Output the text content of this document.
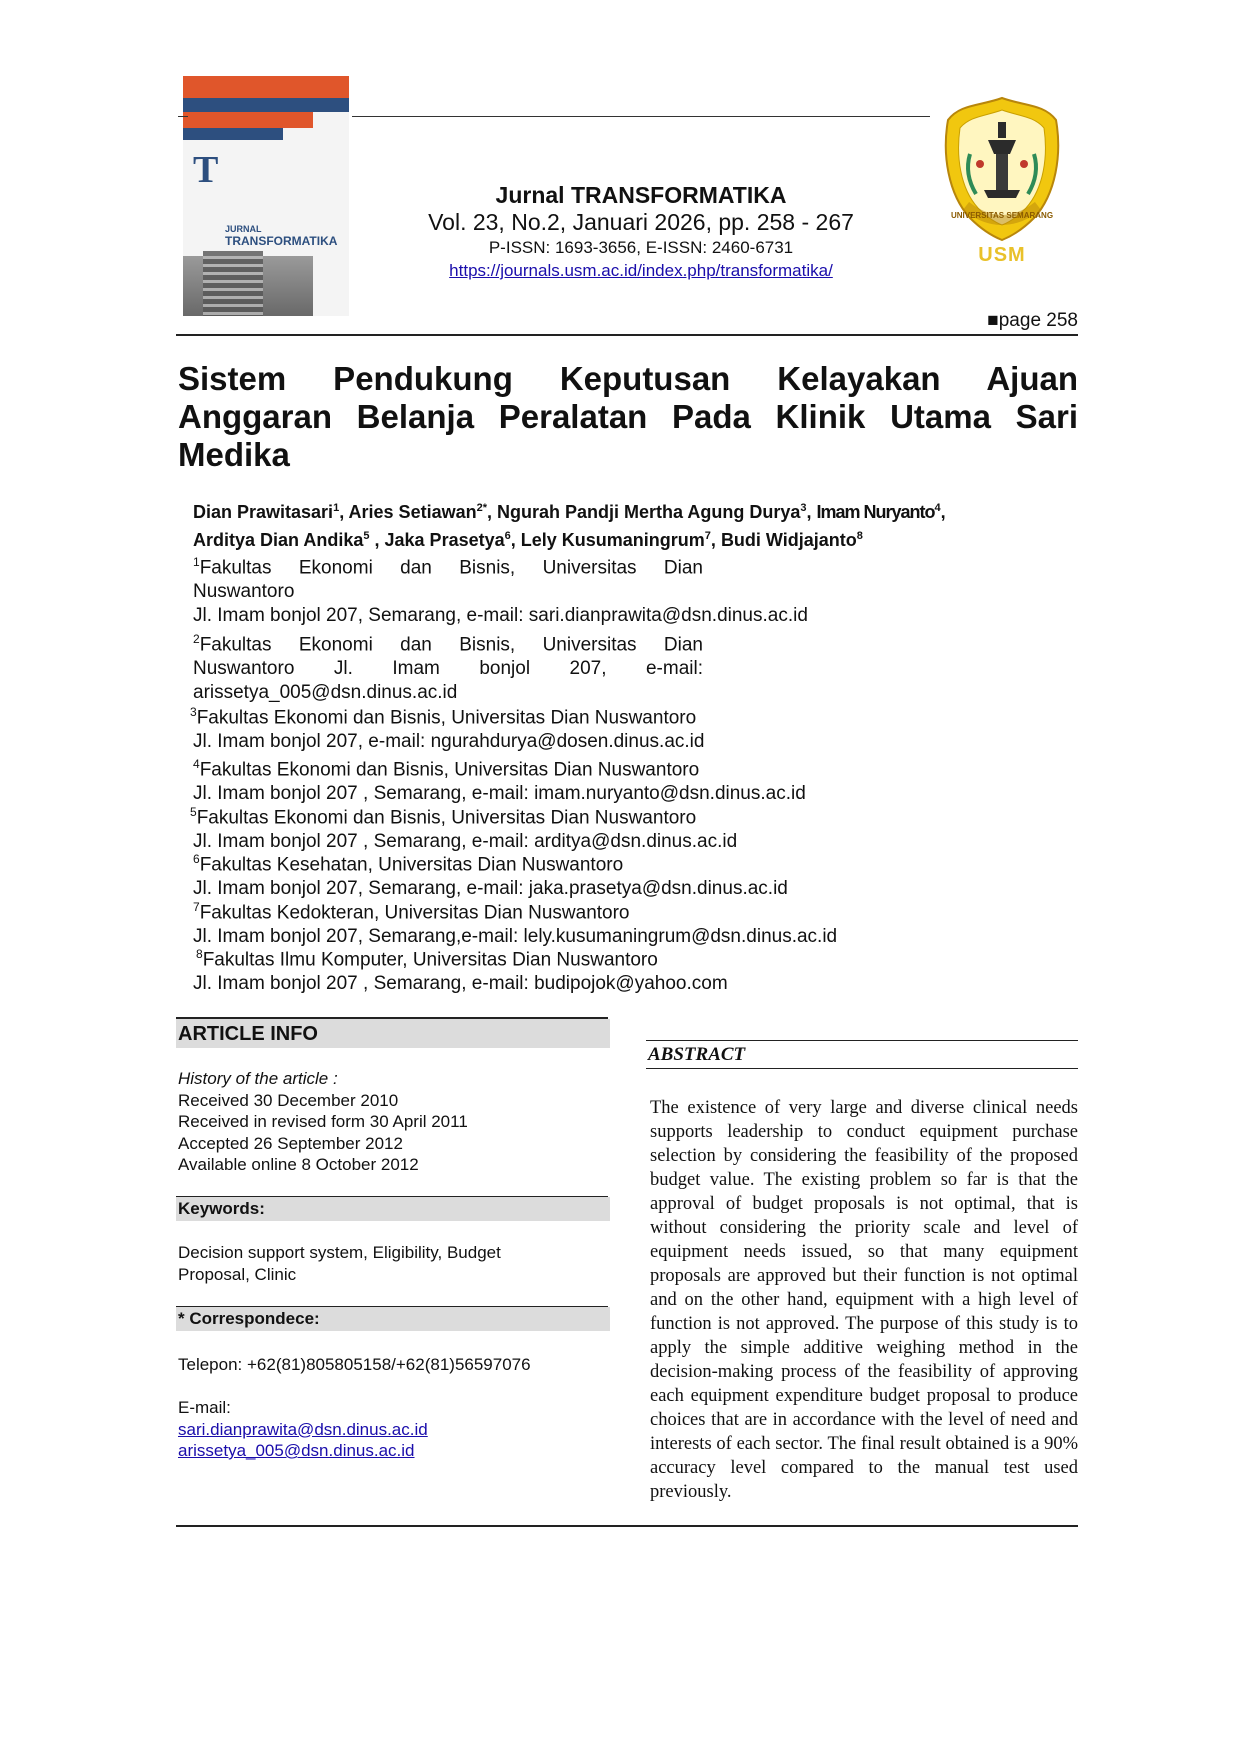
T
JURNAL
TRANSFORMATIKA
Jurnal TRANSFORMATIKA
Vol. 23, No.2, Januari 2026, pp. 258 - 267
P-ISSN: 1693-3656, E-ISSN: 2460-6731
https://journals.usm.ac.id/index.php/transformatika/
UNIVERSITAS SEMARANG
USM
■page 258
Sistem Pendukung Keputusan Kelayakan Ajuan Anggaran Belanja Peralatan Pada Klinik Utama Sari Medika
Dian Prawitasari$^1$, Aries Setiawan$^{2*}$, Ngurah Pandji Mertha Agung Durya$^3$, Imam Nuryanto$^4$,
Arditya Dian Andika$^5$ , Jaka Prasetya$^6$, Lely Kusumaningrum$^7$, Budi Widjajanto$^8$
$^1$Fakultas Ekonomi dan Bisnis, Universitas Dian
Nuswantoro
Jl. Imam bonjol 207, Semarang, e-mail: sari.dianprawita@dsn.dinus.ac.id
$^2$Fakultas Ekonomi dan Bisnis, Universitas Dian
Nuswantoro Jl. Imam bonjol 207, e-mail:
arissetya_005@dsn.dinus.ac.id
$^3$Fakultas Ekonomi dan Bisnis, Universitas Dian Nuswantoro
Jl. Imam bonjol 207, e-mail: ngurahdurya@dosen.dinus.ac.id
$^4$Fakultas Ekonomi dan Bisnis, Universitas Dian Nuswantoro
Jl. Imam bonjol 207 , Semarang, e-mail: imam.nuryanto@dsn.dinus.ac.id
$^5$Fakultas Ekonomi dan Bisnis, Universitas Dian Nuswantoro
Jl. Imam bonjol 207 , Semarang, e-mail: arditya@dsn.dinus.ac.id
$^6$Fakultas Kesehatan, Universitas Dian Nuswantoro
Jl. Imam bonjol 207, Semarang, e-mail: jaka.prasetya@dsn.dinus.ac.id
$^7$Fakultas Kedokteran, Universitas Dian Nuswantoro
Jl. Imam bonjol 207, Semarang,e-mail: lely.kusumaningrum@dsn.dinus.ac.id
$^8$Fakultas Ilmu Komputer, Universitas Dian Nuswantoro
Jl. Imam bonjol 207 , Semarang, e-mail: budipojok@yahoo.com
ARTICLE INFO
History of the article :
Received 30 December 2010
Received in revised form 30 April 2011
Accepted 26 September 2012
Available online 8 October 2012
Keywords:
Decision support system, Eligibility, Budget
Proposal, Clinic
* Correspondece:
Telepon: +62(81)805805158/+62(81)56597076
E-mail:
sari.dianprawita@dsn.dinus.ac.id
arissetya_005@dsn.dinus.ac.id
ABSTRACT
The existence of very large and diverse clinical needs supports leadership to conduct equipment purchase selection by considering the feasibility of the proposed budget value. The existing problem so far is that the approval of budget proposals is not optimal, that is without considering the priority scale and level of equipment needs issued, so that many equipment proposals are approved but their function is not optimal and on the other hand, equipment with a high level of function is not approved. The purpose of this study is to apply the simple additive weighing method in the decision-making process of the feasibility of approving each equipment expenditure budget proposal to produce choices that are in accordance with the level of need and interests of each sector. The final result obtained is a 90% accuracy level compared to the manual test used previously.
